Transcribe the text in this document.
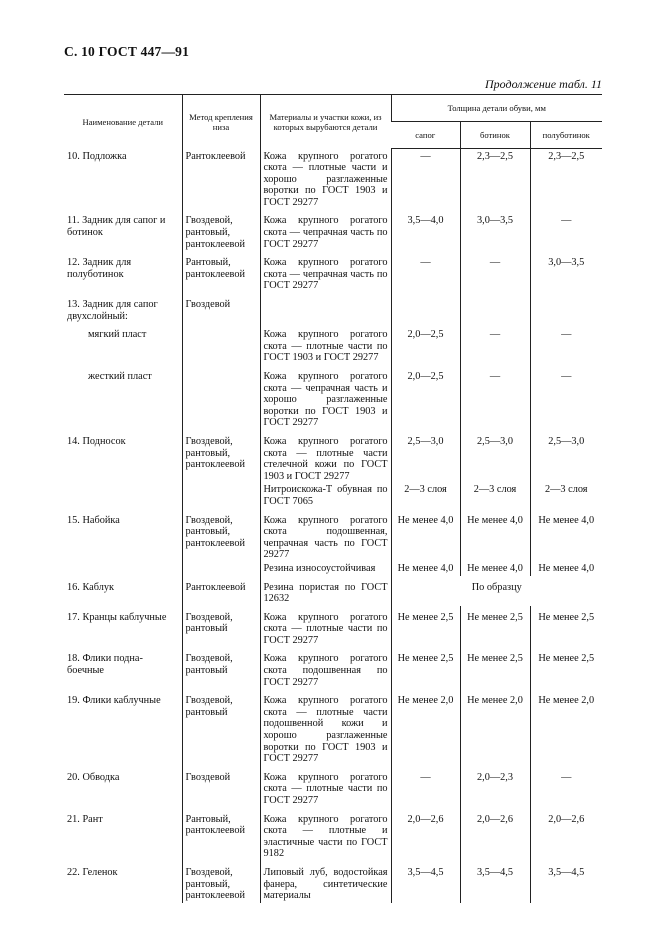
С. 10 ГОСТ 447—91
Продолжение табл. 11
Наименование детали	Метод крепления низа	Материалы и участки кожи, из которых вырубаются детали	Толщина детали обуви, мм		
			сапог	ботинок	полуботинок
10. Подложка	Рантоклеевой	Кожа крупного рогатого скота — плотные части и хорошо разглаженные воротки по ГОСТ 1903 и ГОСТ 29277	—	2,3—2,5	2,3—2,5
11. Задник для сапог и ботинок	Гвоздевой, рантовый, рантоклеевой	Кожа крупного рогатого скота — чепрачная часть по ГОСТ 29277	3,5—4,0	3,0—3,5	—
12. Задник для полуботинок	Рантовый, рантоклеевой	Кожа крупного рогатого скота — чепрачная часть по ГОСТ 29277	—	—	3,0—3,5
13. Задник для сапог двухслойный:	Гвоздевой				
мягкий пласт		Кожа крупного рогатого скота — плотные части по ГОСТ 1903 и ГОСТ 29277	2,0—2,5	—	—
жесткий пласт		Кожа крупного рогатого скота — чепрачная часть и хорошо разглаженные воротки по ГОСТ 1903 и ГОСТ 29277	2,0—2,5	—	—
14. Подносок	Гвоздевой, рантовый, рантоклеевой	Кожа крупного рогатого скота — плотные части стелечной кожи по ГОСТ 1903 и ГОСТ 29277	2,5—3,0	2,5—3,0	2,5—3,0
		Нитроискожа-Т обувная по ГОСТ 7065	2—3 слоя	2—3 слоя	2—3 слоя
15. Набойка	Гвоздевой, рантовый, рантоклеевой	Кожа крупного рогатого скота подошвенная, чепрачная часть по ГОСТ 29277	Не менее 4,0	Не менее 4,0	Не менее 4,0
		Резина износоустойчивая	Не менее 4,0	Не менее 4,0	Не менее 4,0
16. Каблук	Рантоклеевой	Резина пористая по ГОСТ 12632	По образцу		
17. Кранцы каблучные	Гвоздевой, рантовый	Кожа крупного рогатого скота — плотные части по ГОСТ 29277	Не менее 2,5	Не менее 2,5	Не менее 2,5
18. Флики подна-боечные	Гвоздевой, рантовый	Кожа крупного рогатого скота подошвенная по ГОСТ 29277	Не менее 2,5	Не менее 2,5	Не менее 2,5
19. Флики каблучные	Гвоздевой, рантовый	Кожа крупного рогатого скота — плотные части подошвенной кожи и хорошо разглаженные воротки по ГОСТ 1903 и ГОСТ 29277	Не менее 2,0	Не менее 2,0	Не менее 2,0
20. Обводка	Гвоздевой	Кожа крупного рогатого скота — плотные части по ГОСТ 29277	—	2,0—2,3	—
21. Рант	Рантовый, рантоклеевой	Кожа крупного рогатого скота — плотные и эластичные части по ГОСТ 9182	2,0—2,6	2,0—2,6	2,0—2,6
22. Геленок	Гвоздевой, рантовый, рантоклеевой	Липовый луб, водостойкая фанера, синтетические материалы	3,5—4,5	3,5—4,5	3,5—4,5
